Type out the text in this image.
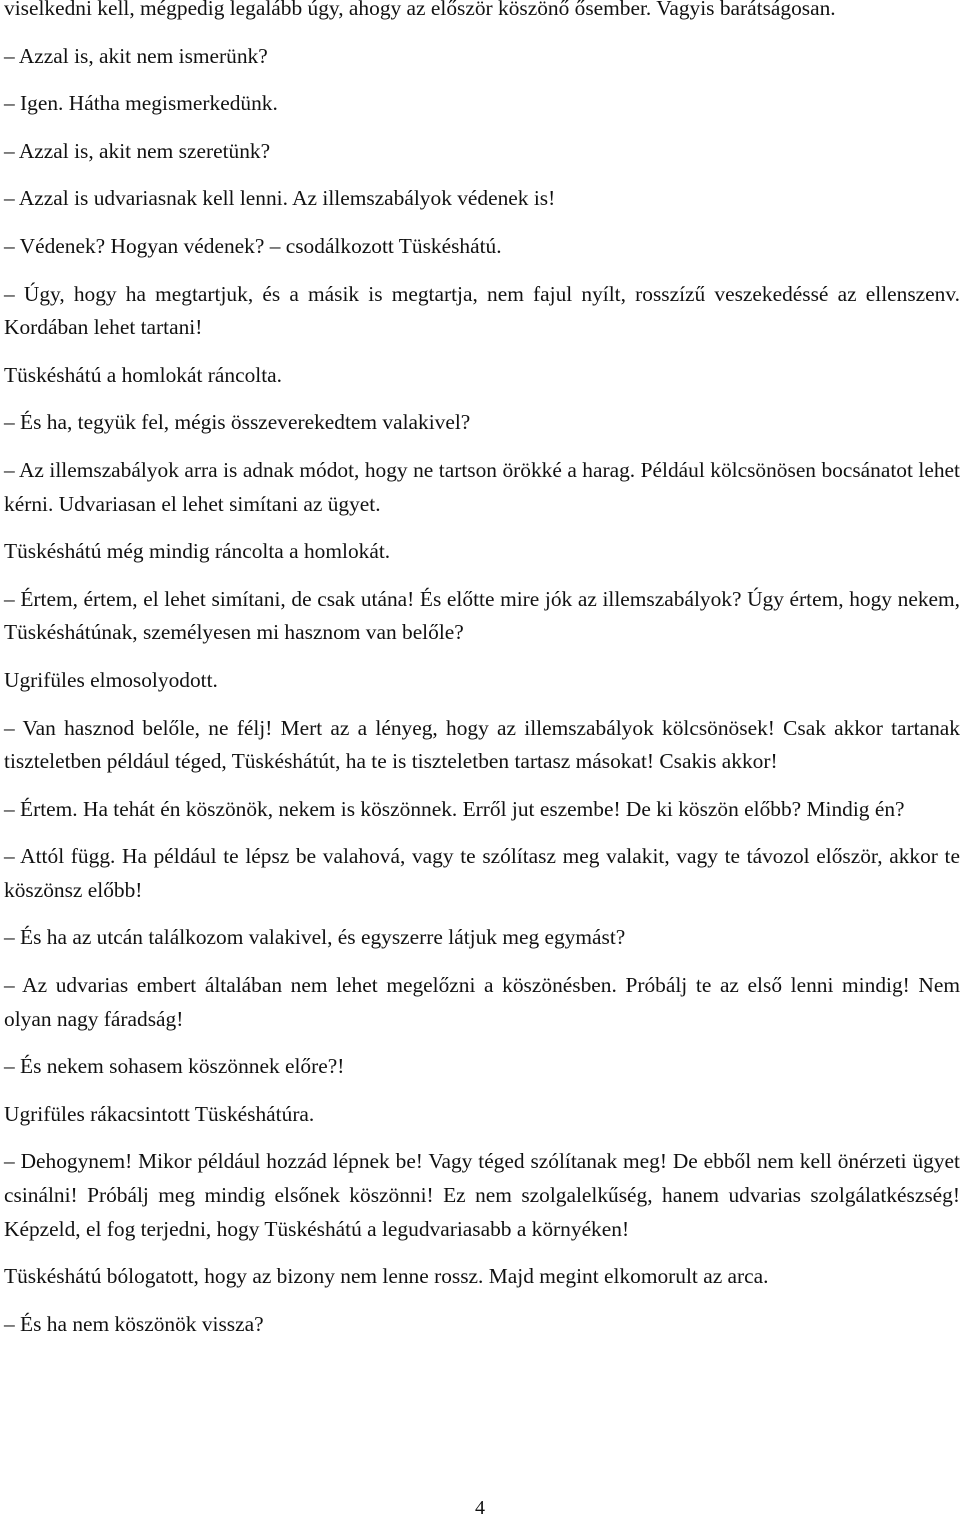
viselkedni kell, mégpedig legalább úgy, ahogy az először köszönő ősember. Vagyis barátságosan.

– Azzal is, akit nem ismerünk?

– Igen. Hátha megismerkedünk.

– Azzal is, akit nem szeretünk?

– Azzal is udvariasnak kell lenni. Az illemszabályok védenek is!

– Védenek? Hogyan védenek? – csodálkozott Tüskéshátú.

– Úgy, hogy ha megtartjuk, és a másik is megtartja, nem fajul nyílt, rosszízű veszekedéssé az ellenszenv. Kordában lehet tartani!

Tüskéshátú a homlokát ráncolta.

– És ha, tegyük fel, mégis összeverekedtem valakivel?

– Az illemszabályok arra is adnak módot, hogy ne tartson örökké a harag. Például kölcsönösen bocsánatot lehet kérni. Udvariasan el lehet simítani az ügyet.

Tüskéshátú még mindig ráncolta a homlokát.

– Értem, értem, el lehet simítani, de csak utána! És előtte mire jók az illemszabályok? Úgy értem, hogy nekem, Tüskéshátúnak, személyesen mi hasznom van belőle?

Ugrifüles elmosolyodott.

– Van hasznod belőle, ne félj! Mert az a lényeg, hogy az illemszabályok kölcsönösek! Csak akkor tartanak tiszteletben például téged, Tüskéshátút, ha te is tiszteletben tartasz másokat! Csakis akkor!

– Értem. Ha tehát én köszönök, nekem is köszönnek. Erről jut eszembe! De ki köszön előbb? Mindig én?

– Attól függ. Ha például te lépsz be valahová, vagy te szólítasz meg valakit, vagy te távozol először, akkor te köszönsz előbb!

– És ha az utcán találkozom valakivel, és egyszerre látjuk meg egymást?

– Az udvarias embert általában nem lehet megelőzni a köszönésben. Próbálj te az első lenni mindig! Nem olyan nagy fáradság!

– És nekem sohasem köszönnek előre?!

Ugrifüles rákacsintott Tüskéshátúra.

– Dehogynem! Mikor például hozzád lépnek be! Vagy téged szólítanak meg! De ebből nem kell önérzeti ügyet csinálni! Próbálj meg mindig elsőnek köszönni! Ez nem szolgalelkűség, hanem udvarias szolgálatkészség! Képzeld, el fog terjedni, hogy Tüskéshátú a legudvariasabb a környéken!

Tüskéshátú bólogatott, hogy az bizony nem lenne rossz. Majd megint elkomorult az arca.

– És ha nem köszönök vissza?

4
